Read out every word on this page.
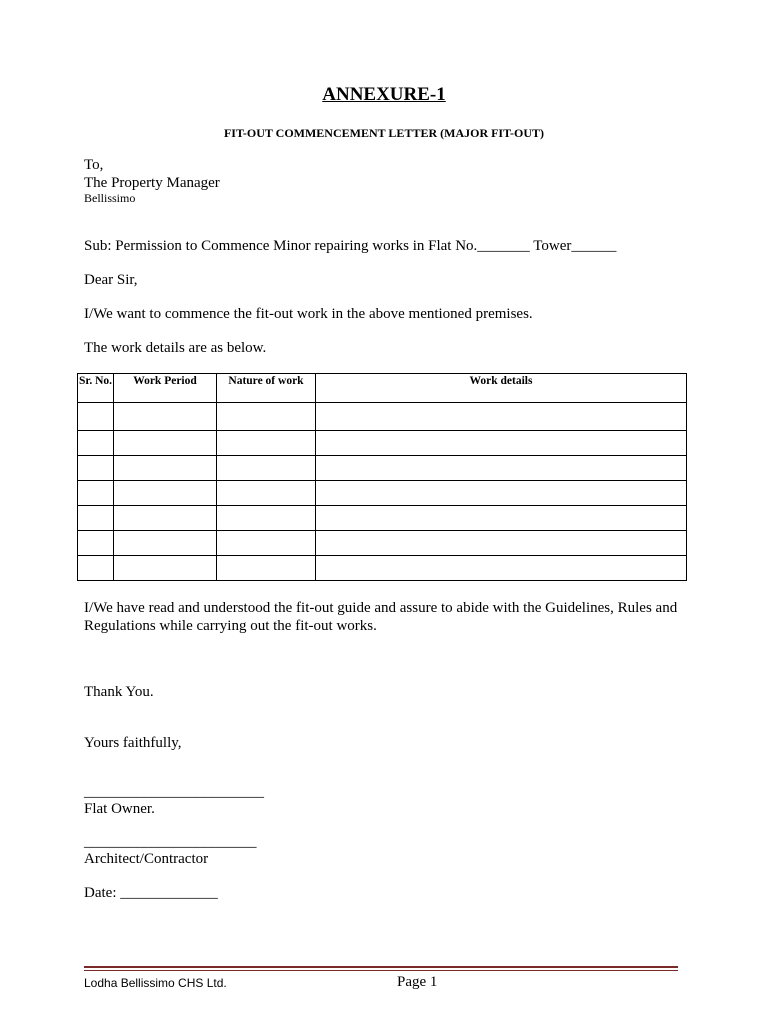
ANNEXURE-1
FIT-OUT COMMENCEMENT LETTER (MAJOR FIT-OUT)

To,

The Property Manager

Bellissimo

Sub: Permission to Commence Minor repairing works in Flat No._______ Tower______

Dear Sir,

I/We want to commence the fit-out work in the above mentioned premises.

The work details are as below.

Sr. No.	Work Period	Nature of work	Work details

I/We have read and understood the fit-out guide and assure to abide with the Guidelines, Rules and Regulations while carrying out the fit-out works.

Thank You.

Yours faithfully,

________________________

Flat Owner.

_______________________

Architect/Contractor

Date: _____________

Lodha Bellissimo CHS Ltd.	Page 1
